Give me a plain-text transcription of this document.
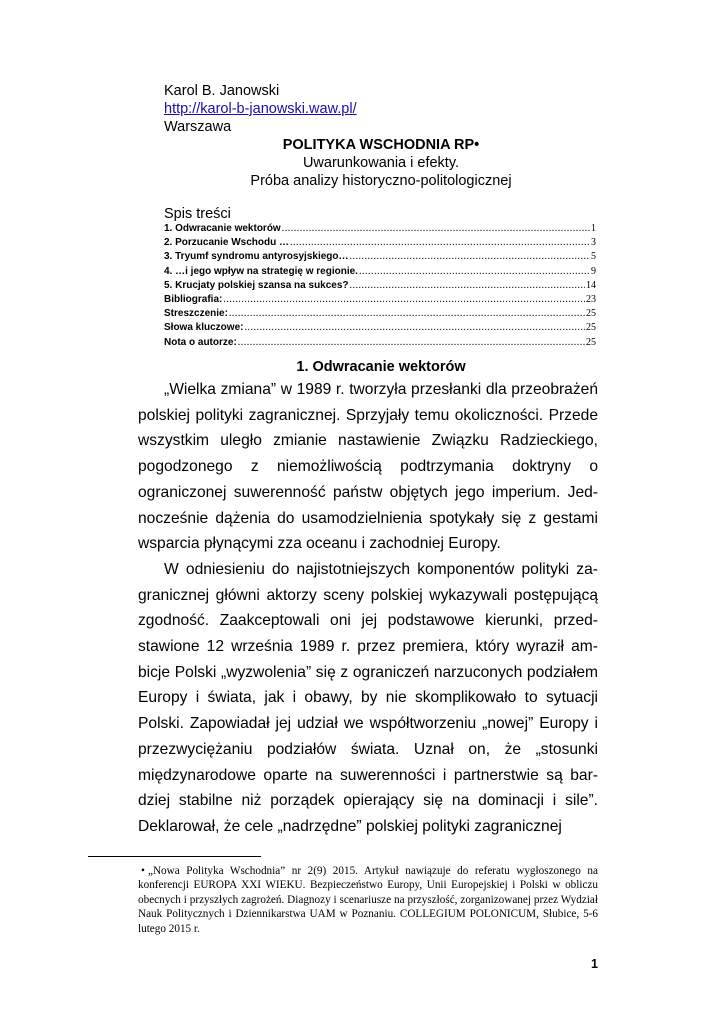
Karol B. Janowski
http://karol-b-janowski.waw.pl/
Warszawa
POLITYKA WSCHODNIA RP•
Uwarunkowania i efekty.
Próba analizy historyczno-politologicznej
Spis treści
1. Odwracanie wektorów .....	1
2. Porzucanie Wschodu … .....	3
3. Tryumf syndromu antyrosyjskiego… .....	5
4. …i jego wpływ na strategię w regionie. .....	9
5. Krucjaty polskiej szansa na sukces? .....	14
Bibliografia: .....	23
Streszczenie: .....	25
Słowa kluczowe: .....	25
Nota o autorze: .....	25
1. Odwracanie wektorów

„Wielka zmiana” w 1989 r. tworzyła przesłanki dla przeobrażeń polskiej polityki zagranicznej. Sprzyjały temu okoliczności. Przede wszystkim uległo zmianie nastawienie Związku Radzieckiego, pogodzonego z niemożliwością podtrzymania doktryny o ograniczonej suwerenność państw objętych jego imperium. Jednocześnie dążenia do usamodzielnienia spotykały się z gestami wsparcia płynącymi zza oceanu i zachodniej Europy.

W odniesieniu do najistotniejszych komponentów polityki zagranicznej główni aktorzy sceny polskiej wykazywali postępującą zgodność. Zaakceptowali oni jej podstawowe kierunki, przedstawione 12 września 1989 r. przez premiera, który wyraził ambicje Polski „wyzwolenia” się z ograniczeń narzuconych podziałem Europy i świata, jak i obawy, by nie skomplikowało to sytuacji Polski. Zapowiadał jej udział we współtworzeniu „nowej” Europy i przezwyciężaniu podziałów świata. Uznał on, że „stosunki międzynarodowe oparte na suwerenności i partnerstwie są bardziej stabilne niż porządek opierający się na dominacji i sile”. Deklarował, że cele „nadrzędne” polskiej polityki zagranicznej

• „Nowa Polityka Wschodnia” nr 2(9) 2015. Artykuł nawiązuje do referatu wygłoszonego na konferencji EUROPA XXI WIEKU. Bezpieczeństwo Europy, Unii Europejskiej i Polski w obliczu obecnych i przyszłych zagrożeń. Diagnozy i scenariusze na przyszłość, zorganizowanej przez Wydział Nauk Politycznych i Dziennikarstwa UAM w Poznaniu. COLLEGIUM POLONICUM, Słubice, 5-6 lutego 2015 r.
1
